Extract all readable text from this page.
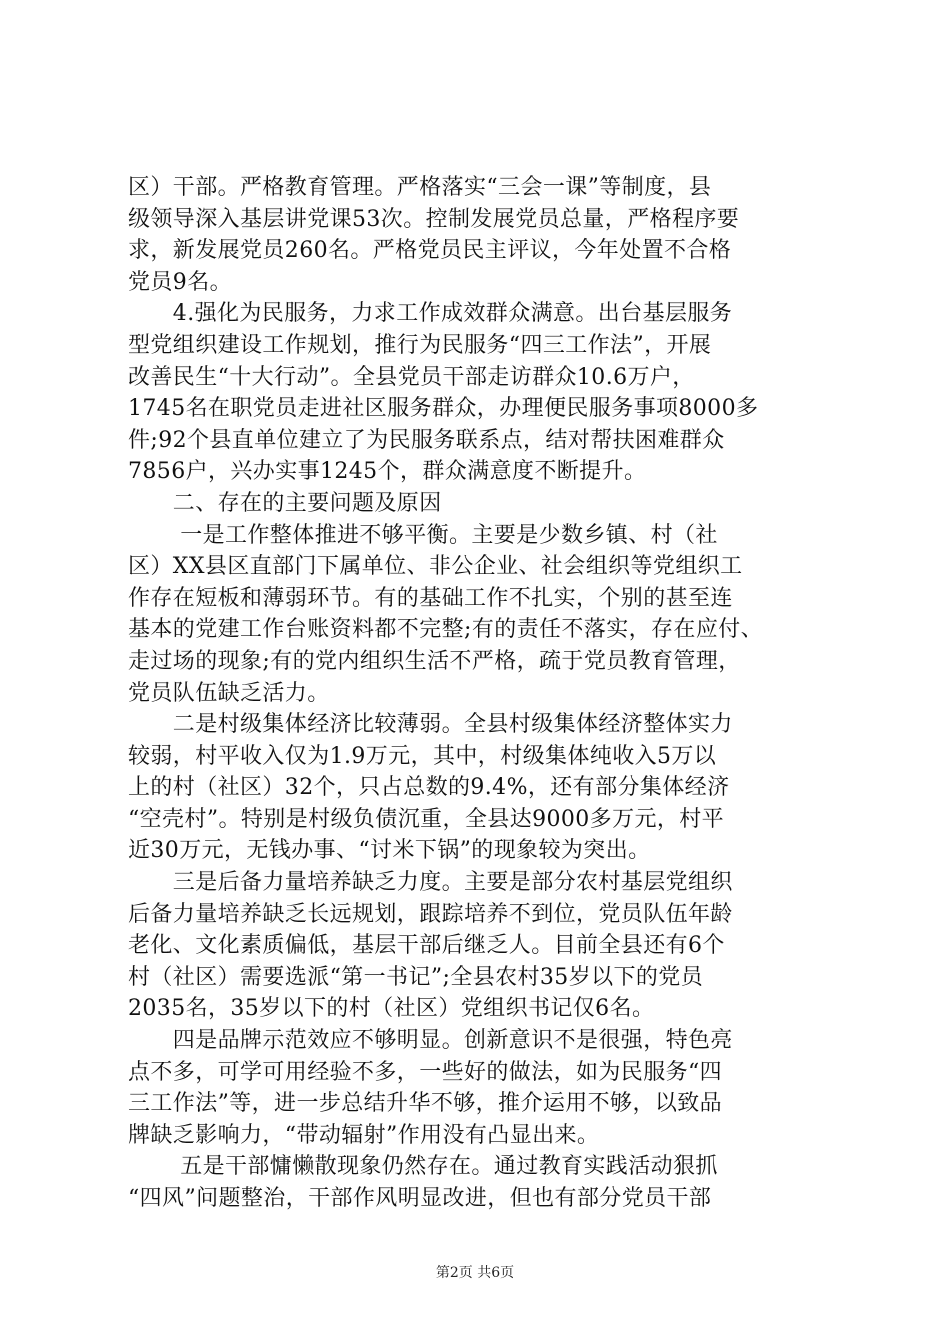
区）干部。严格教育管理。严格落实“三会一课”等制度，县
级领导深入基层讲党课53次。控制发展党员总量，严格程序要
求，新发展党员260名。严格党员民主评议，今年处置不合格
党员9名。
　　4.强化为民服务，力求工作成效群众满意。出台基层服务
型党组织建设工作规划，推行为民服务“四三工作法”，开展
改善民生“十大行动”。全县党员干部走访群众10.6万户，
1745名在职党员走进社区服务群众，办理便民服务事项8000多
件;92个县直单位建立了为民服务联系点，结对帮扶困难群众
7856户，兴办实事1245个，群众满意度不断提升。
　　二、存在的主要问题及原因
　　 一是工作整体推进不够平衡。主要是少数乡镇、村（社
区）XX县区直部门下属单位、非公企业、社会组织等党组织工
作存在短板和薄弱环节。有的基础工作不扎实，个别的甚至连
基本的党建工作台账资料都不完整;有的责任不落实，存在应付、
走过场的现象;有的党内组织生活不严格，疏于党员教育管理，
党员队伍缺乏活力。
　　二是村级集体经济比较薄弱。全县村级集体经济整体实力
较弱，村平收入仅为1.9万元，其中，村级集体纯收入5万以
上的村（社区）32个，只占总数的9.4%，还有部分集体经济
“空壳村”。特别是村级负债沉重，全县达9000多万元，村平
近30万元，无钱办事、“讨米下锅”的现象较为突出。
　　三是后备力量培养缺乏力度。主要是部分农村基层党组织
后备力量培养缺乏长远规划，跟踪培养不到位，党员队伍年龄
老化、文化素质偏低，基层干部后继乏人。目前全县还有6个
村（社区）需要选派“第一书记”;全县农村35岁以下的党员
2035名，35岁以下的村（社区）党组织书记仅6名。
　　四是品牌示范效应不够明显。创新意识不是很强，特色亮
点不多，可学可用经验不多，一些好的做法，如为民服务“四
三工作法”等，进一步总结升华不够，推介运用不够，以致品
牌缺乏影响力，“带动辐射”作用没有凸显出来。
　　 五是干部慵懒散现象仍然存在。通过教育实践活动狠抓
“四风”问题整治，干部作风明显改进，但也有部分党员干部
第2页 共6页
